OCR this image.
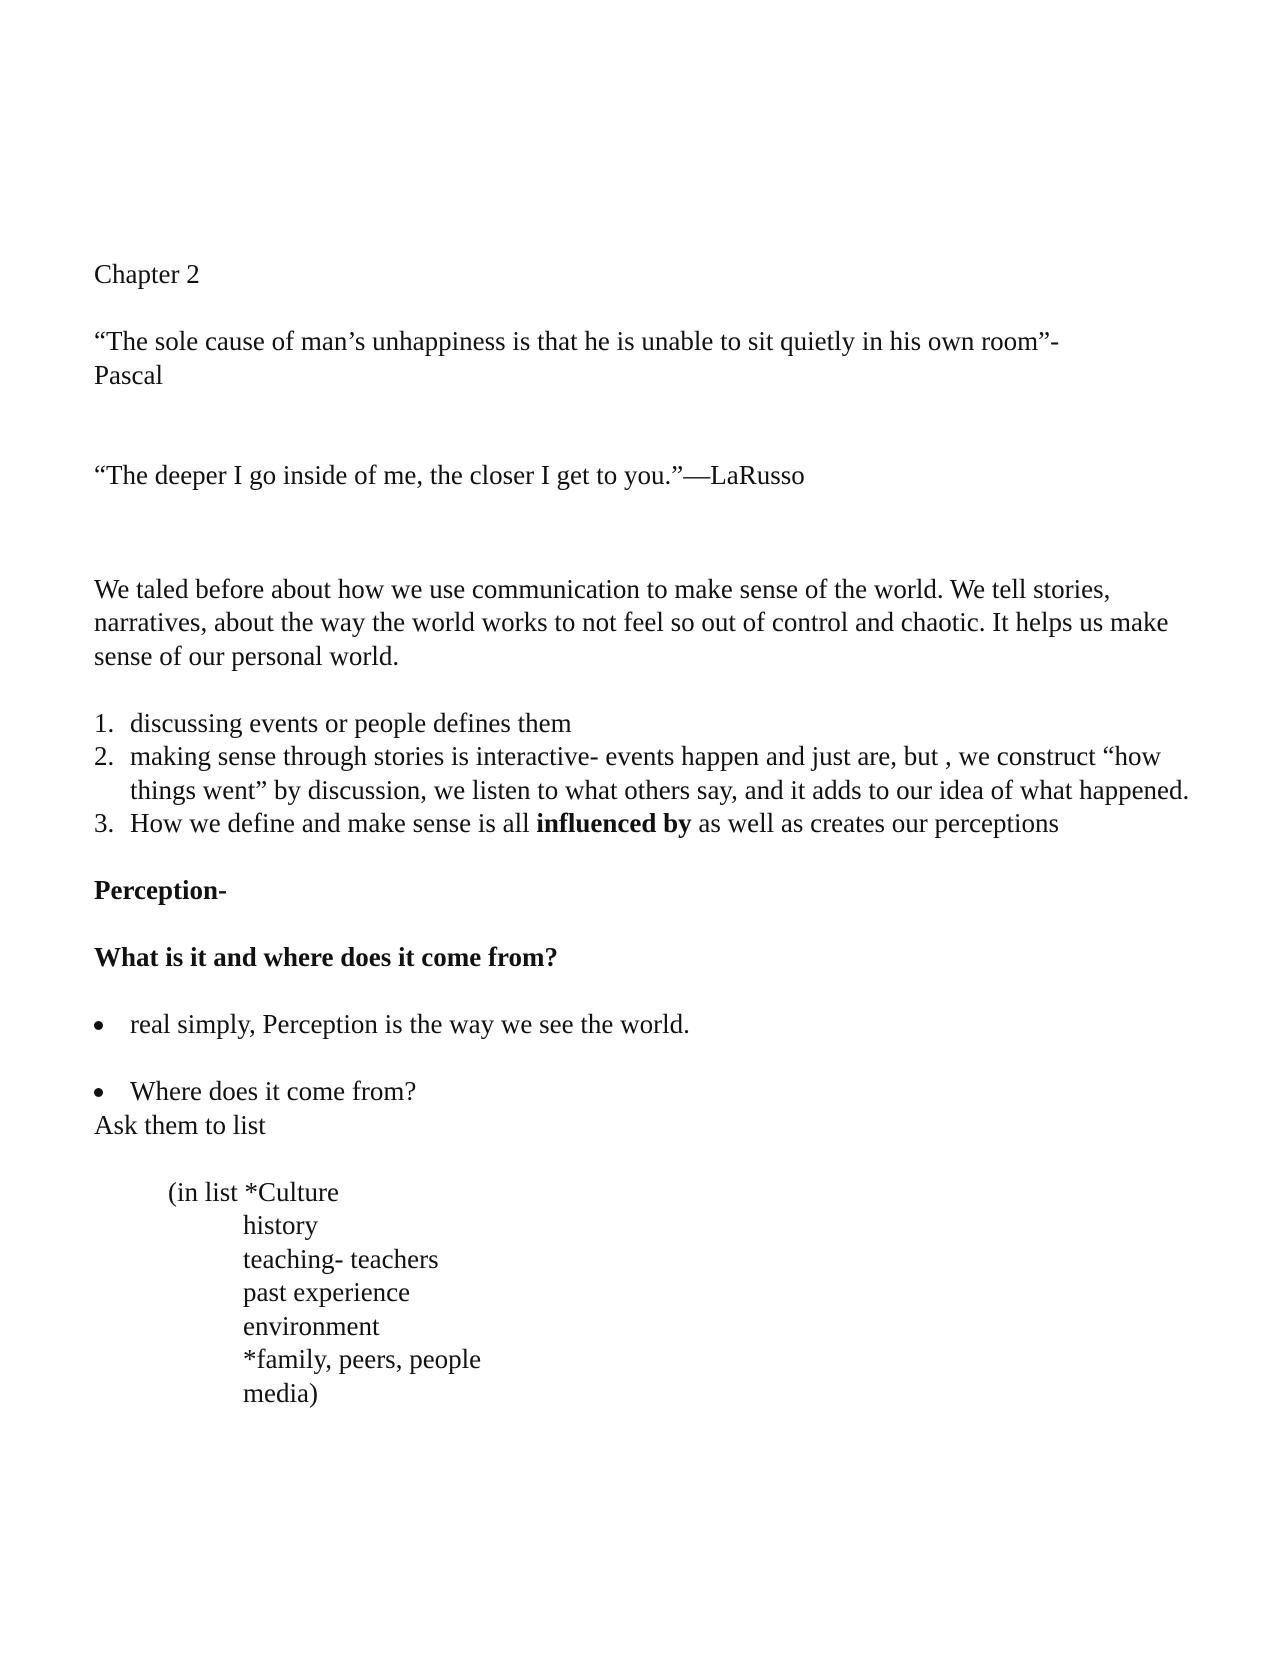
Chapter 2

“The sole cause of man’s unhappiness is that he is unable to sit quietly in his own room”-

Pascal

“The deeper I go inside of me, the closer I get to you.”—LaRusso

We taled before about how we use communication to make sense of the world. We tell stories, narratives, about the way the world works to not feel so out of control and chaotic. It helps us make sense of our personal world.

1. discussing events or people defines them
2. making sense through stories is interactive- events happen and just are, but , we construct “how things went” by discussion, we listen to what others say, and it adds to our idea of what happened.
3. How we define and make sense is all influenced by as well as creates our perceptions

Perception-

What is it and where does it come from?

real simply, Perception is the way we see the world.
Where does it come from?

Ask them to list

(in list *Culture

history

teaching- teachers

past experience

environment

*family, peers, people

media)
